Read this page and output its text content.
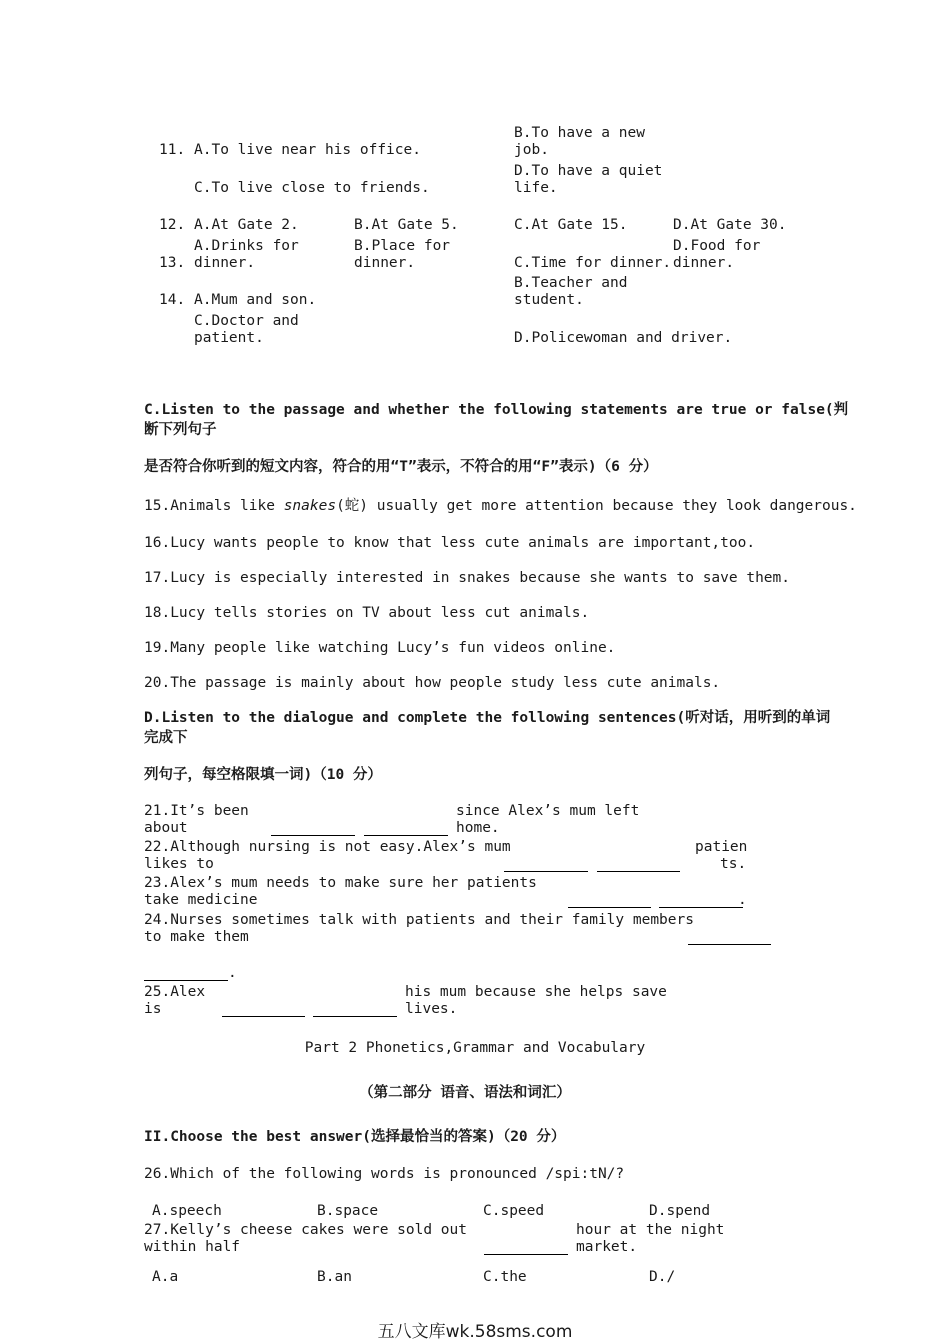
11. A.To live near his office.
B.To have a new
job.
C.To live close to friends.
D.To have a quiet
life.
12. A.At Gate 2.	B.At Gate 5.	C.At Gate 15.	D.At Gate 30.
13.
A.Drinks for
dinner.
B.Place for
dinner.	C.Time for dinner.
D.Food for
dinner.
14. A.Mum and son.
B.Teacher and
student.
C.Doctor and
patient.	D.Policewoman and driver.
C.Listen to the passage and whether the following statements are true or false(判
断下列句子
是否符合你听到的短文内容，符合的用“T”表示，不符合的用“F”表示)（6 分）
15.Animals like snakes(蛇) usually get more attention because they look dangerous.
16.Lucy wants people to know that less cute animals are important,too.
17.Lucy is especially interested in snakes because she wants to save them.
18.Lucy tells stories on TV about less cut animals.
19.Many people like watching Lucy’s fun videos online.
20.The passage is mainly about how people study less cute animals.
D.Listen to the dialogue and complete the following sentences(听对话，用听到的单词
完成下
列句子，每空格限填一词)（10 分）
21.It’s been
about
since Alex’s mum left
home.
22.Although nursing is not easy.Alex’s mum
likes to
patien
ts.
23.Alex’s mum needs to make sure her patients
take medicine	.
24.Nurses sometimes talk with patients and their family members
to make them
.
25.Alex
is
his mum because she helps save
lives.
Part 2 Phonetics,Grammar and Vocabulary
（第二部分 语音、语法和词汇）
II.Choose the best answer(选择最恰当的答案)（20 分）
26.Which of the following words is pronounced /spi:tN/?
A.speech	B.space	C.speed	D.spend
27.Kelly’s cheese cakes were sold out
within half
hour at the night
market.
A.a	B.an	C.the	D./
五八文库wk.58sms.com
